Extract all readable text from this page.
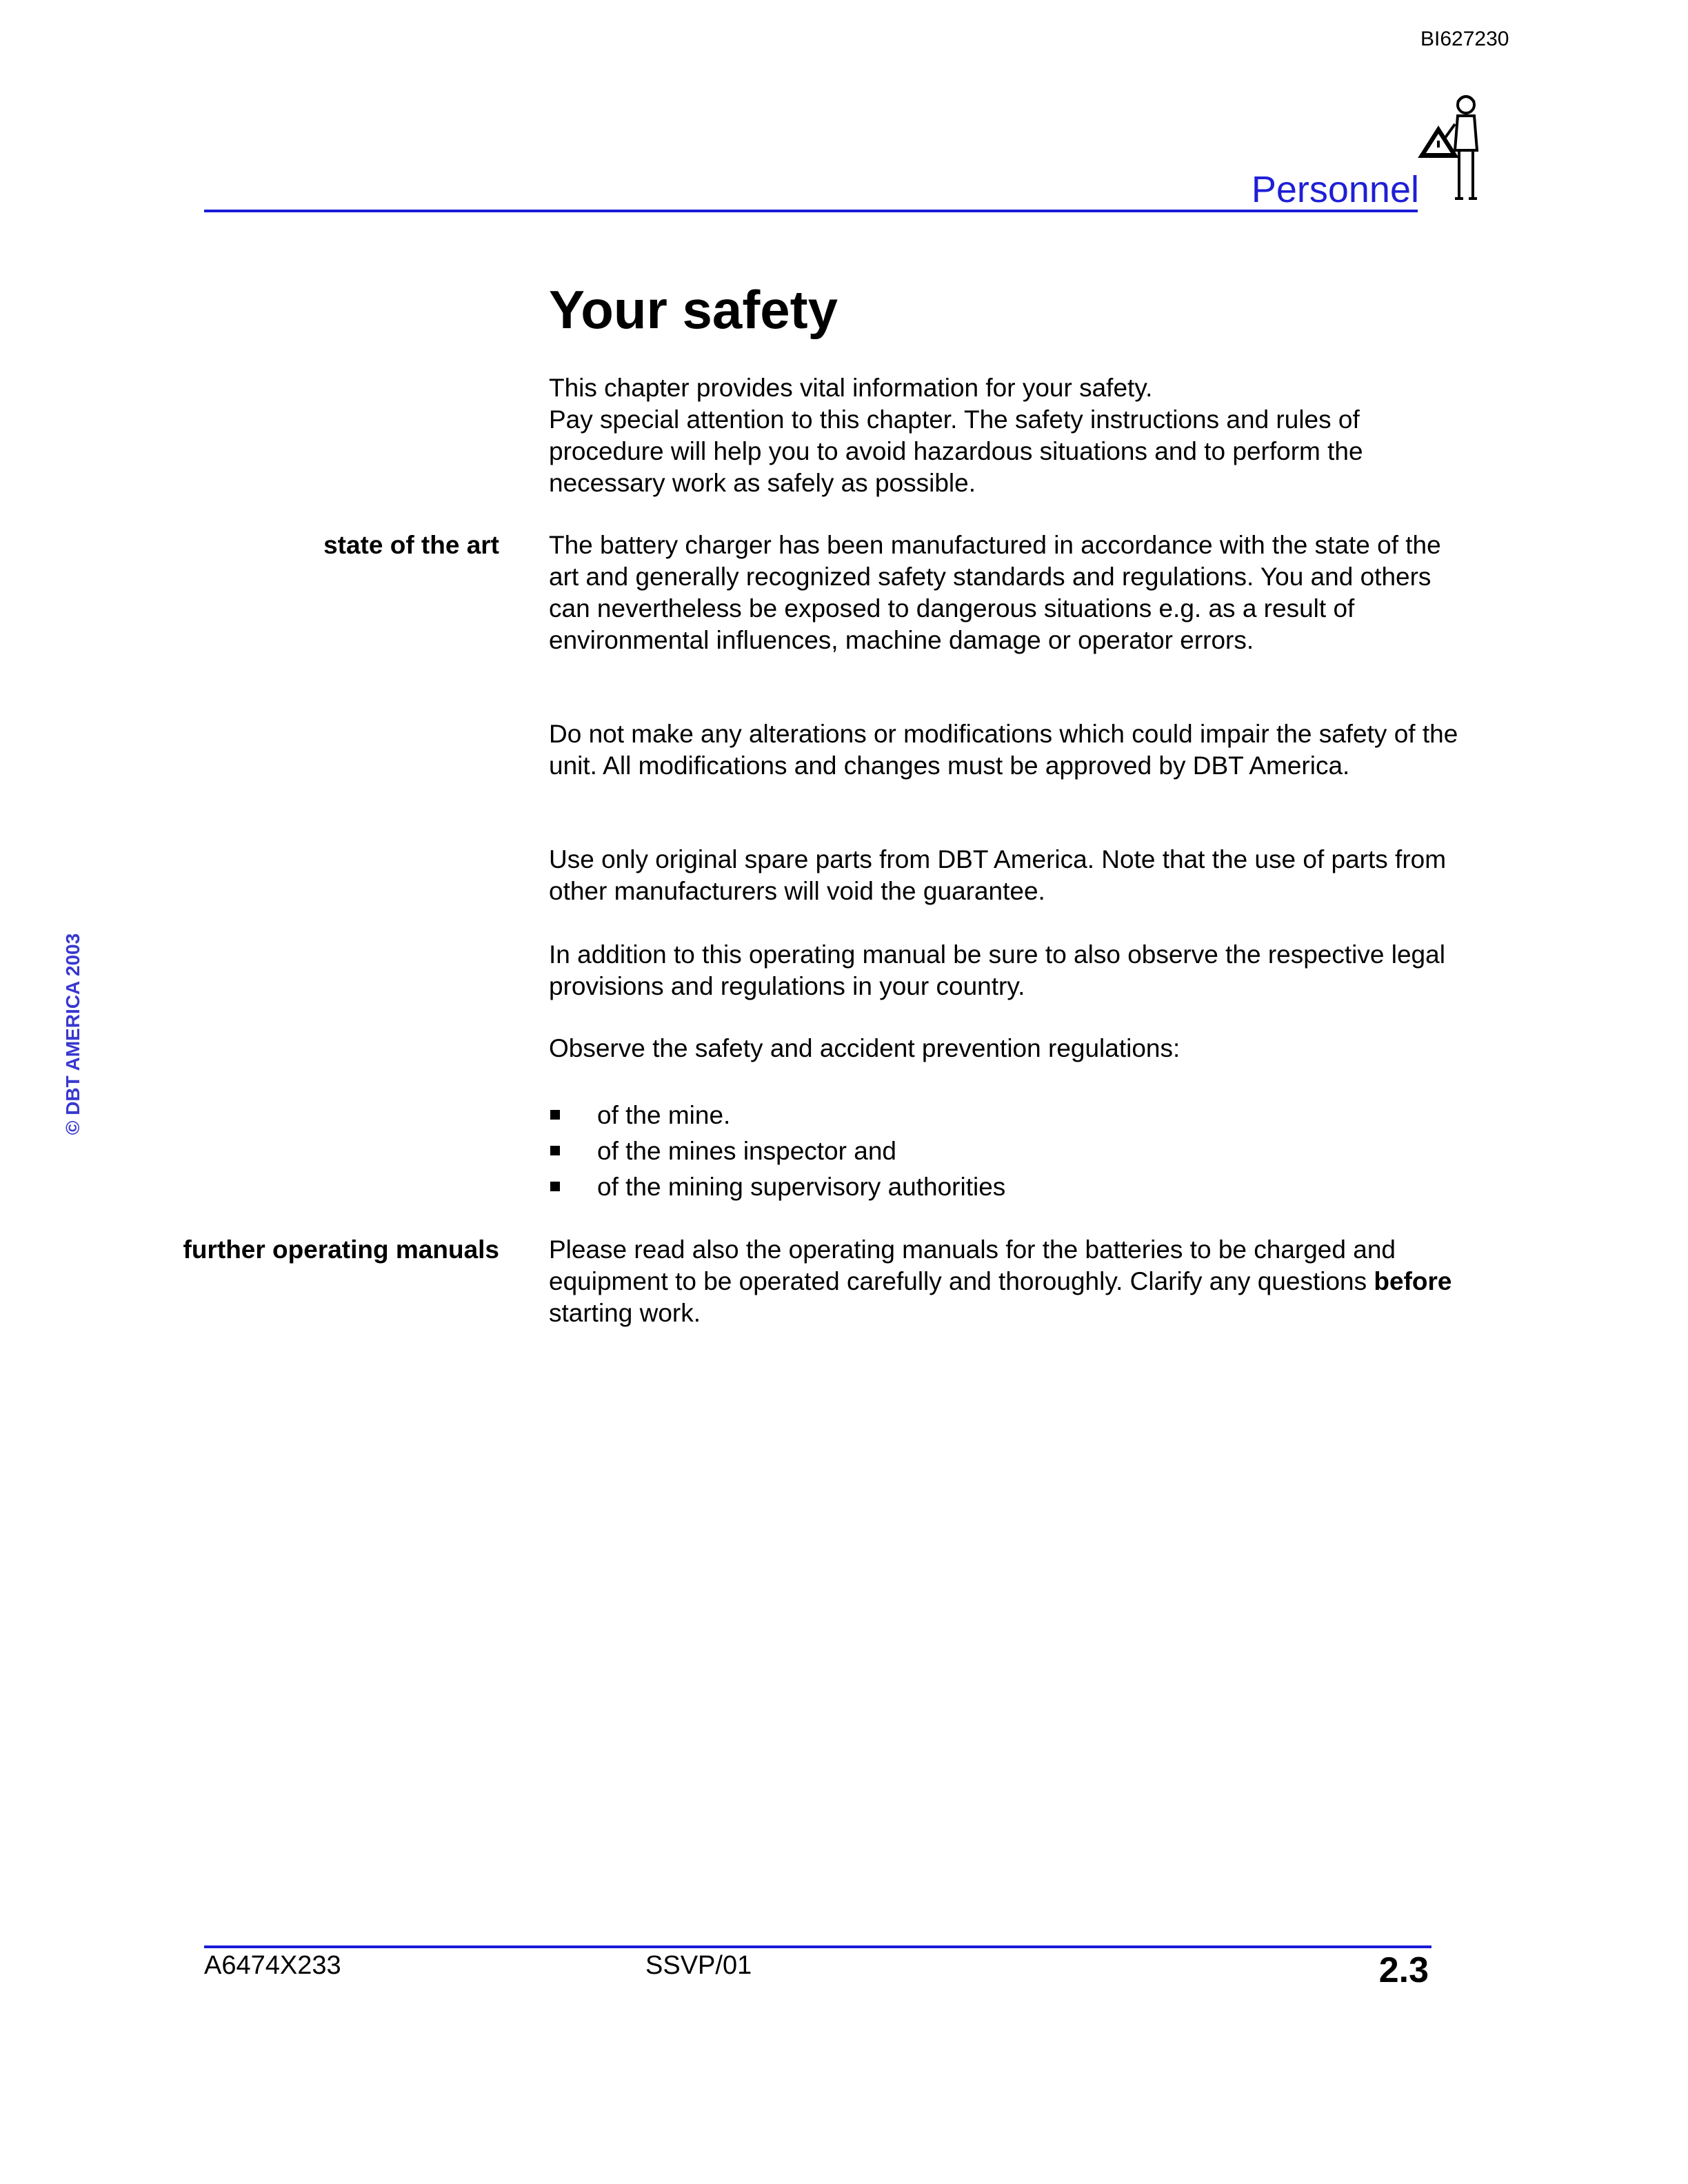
BI627230
Personnel
© DBT AMERICA 2003
Your safety
This chapter provides vital information for your safety.
Pay special attention to this chapter. The safety instructions and rules of procedure will help you to avoid hazardous situations and to perform the necessary work as safely as possible.
state of the art The battery charger has been manufactured in accordance with the state of the art and generally recognized safety standards and regulations. You and others can nevertheless be exposed to dangerous situations e.g. as a result of environmental influences, machine damage or operator errors.

Do not make any alterations or modifications which could impair the safety of the unit. All modifications and changes must be approved by DBT America.

Use only original spare parts from DBT America. Note that the use of parts from other manufacturers will void the guarantee.

In addition to this operating manual be sure to also observe the respective legal provisions and regulations in your country.

Observe the safety and accident prevention regulations:

of the mine.
of the mines inspector and
of the mining supervisory authorities
further operating manuals Please read also the operating manuals for the batteries to be charged and equipment to be operated carefully and thoroughly. Clarify any questions before starting work.

A6474X233	SSVP/01	2.3
